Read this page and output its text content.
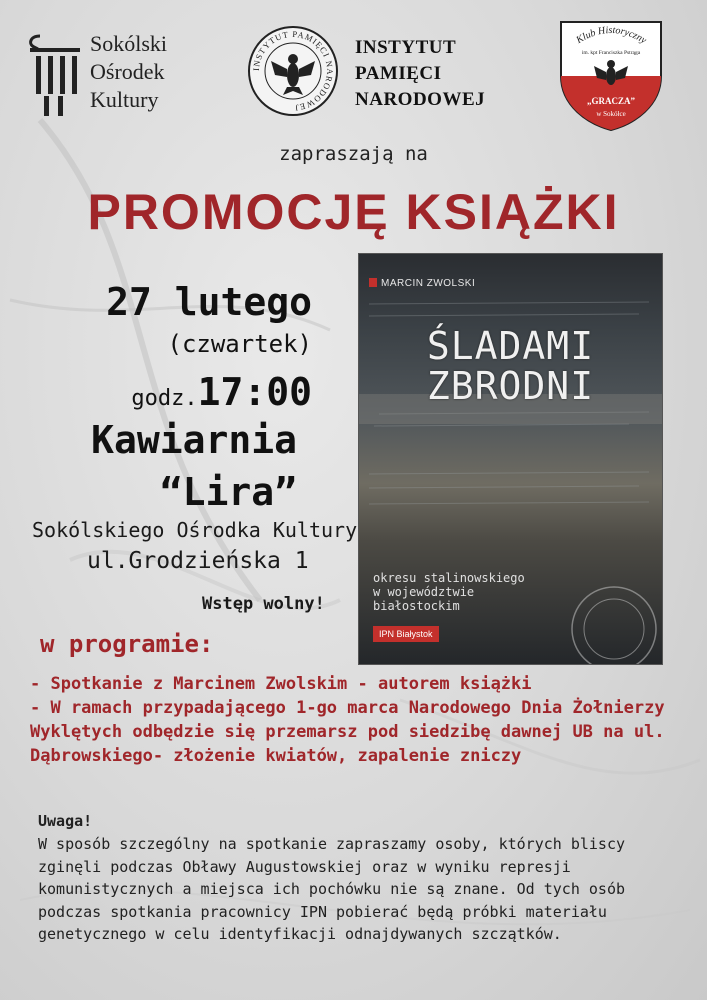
Sokólski
Ośrodek
Kultury
INSTYTUT PAMIĘCI NARODOWEJ
INSTYTUT
PAMIĘCI
NARODOWEJ
Klub Historyczny
im. kpt Franciszka Pstrąga
„GRACZA”
w Sokółce
zapraszają na
PROMOCJĘ KSIĄŻKI
27 lutego
(czwartek)
godz.17:00
Kawiarnia
“Lira”
Sokólskiego Ośrodka Kultury
ul.Grodzieńska 1
Wstęp wolny!
MARCIN ZWOLSKI
ŚLADAMI
ZBRODNI
okresu stalinowskiego
w województwie
białostockim
IPN Białystok
w programie:

- Spotkanie z Marcinem Zwolskim - autorem książki

- W ramach przypadającego 1-go marca Narodowego Dnia Żołnierzy Wyklętych odbędzie się przemarsz pod siedzibę dawnej UB na ul. Dąbrowskiego- złożenie kwiatów, zapalenie zniczy

Uwaga!
W sposób szczególny na spotkanie zapraszamy osoby, których bliscy zginęli podczas Obławy Augustowskiej oraz w wyniku represji komunistycznych a miejsca ich pochówku nie są znane. Od tych osób podczas spotkania pracownicy IPN pobierać będą próbki materiału genetycznego w celu identyfikacji odnajdywanych szczątków.
